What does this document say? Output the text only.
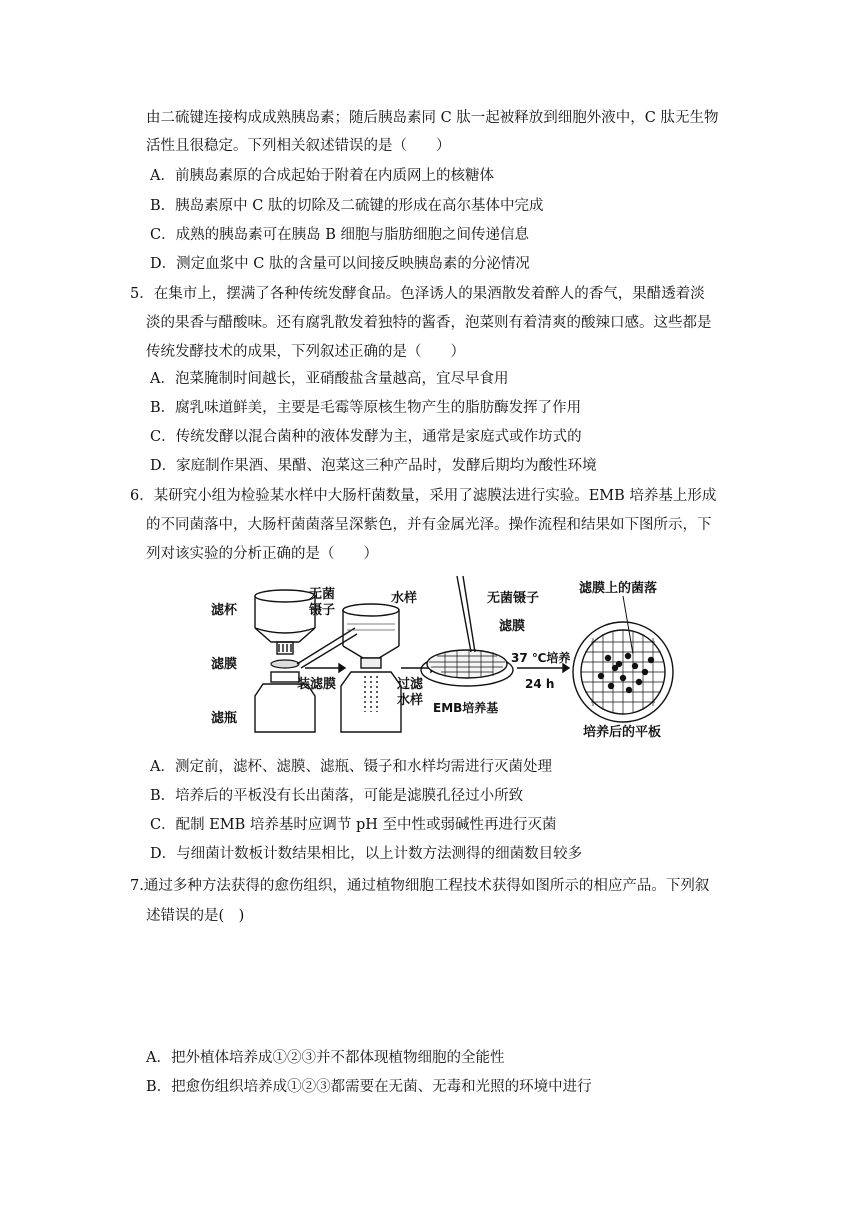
由二硫键连接构成成熟胰岛素；随后胰岛素同 C 肽一起被释放到细胞外液中，C 肽无生物
活性且很稳定。下列相关叙述错误的是（　　）
A．前胰岛素原的合成起始于附着在内质网上的核糖体
B．胰岛素原中 C 肽的切除及二硫键的形成在高尔基体中完成
C．成熟的胰岛素可在胰岛 B 细胞与脂肪细胞之间传递信息
D．测定血浆中 C 肽的含量可以间接反映胰岛素的分泌情况
5．在集市上，摆满了各种传统发酵食品。色泽诱人的果酒散发着醉人的香气，果醋透着淡
淡的果香与醋酸味。还有腐乳散发着独特的酱香，泡菜则有着清爽的酸辣口感。这些都是
传统发酵技术的成果，下列叙述正确的是（　　）
A．泡菜腌制时间越长，亚硝酸盐含量越高，宜尽早食用
B．腐乳味道鲜美，主要是毛霉等原核生物产生的脂肪酶发挥了作用
C．传统发酵以混合菌种的液体发酵为主，通常是家庭式或作坊式的
D．家庭制作果酒、果醋、泡菜这三种产品时，发酵后期均为酸性环境
6．某研究小组为检验某水样中大肠杆菌数量，采用了滤膜法进行实验。EMB 培养基上形成
的不同菌落中，大肠杆菌菌落呈深紫色，并有金属光泽。操作流程和结果如下图所示，下
列对该实验的分析正确的是（　　）
滤杯
滤膜
滤瓶
无菌
镊子
装滤膜
水样
过滤
水样
无菌镊子
滤膜
EMB培养基
37 ℃培养
24 h
滤膜上的菌落
培养后的平板
A．测定前，滤杯、滤膜、滤瓶、镊子和水样均需进行灭菌处理
B．培养后的平板没有长出菌落，可能是滤膜孔径过小所致
C．配制 EMB 培养基时应调节 pH 至中性或弱碱性再进行灭菌
D．与细菌计数板计数结果相比，以上计数方法测得的细菌数目较多
7.通过多种方法获得的愈伤组织，通过植物细胞工程技术获得如图所示的相应产品。下列叙
述错误的是(　)
A．把外植体培养成①②③并不都体现植物细胞的全能性
B．把愈伤组织培养成①②③都需要在无菌、无毒和光照的环境中进行
